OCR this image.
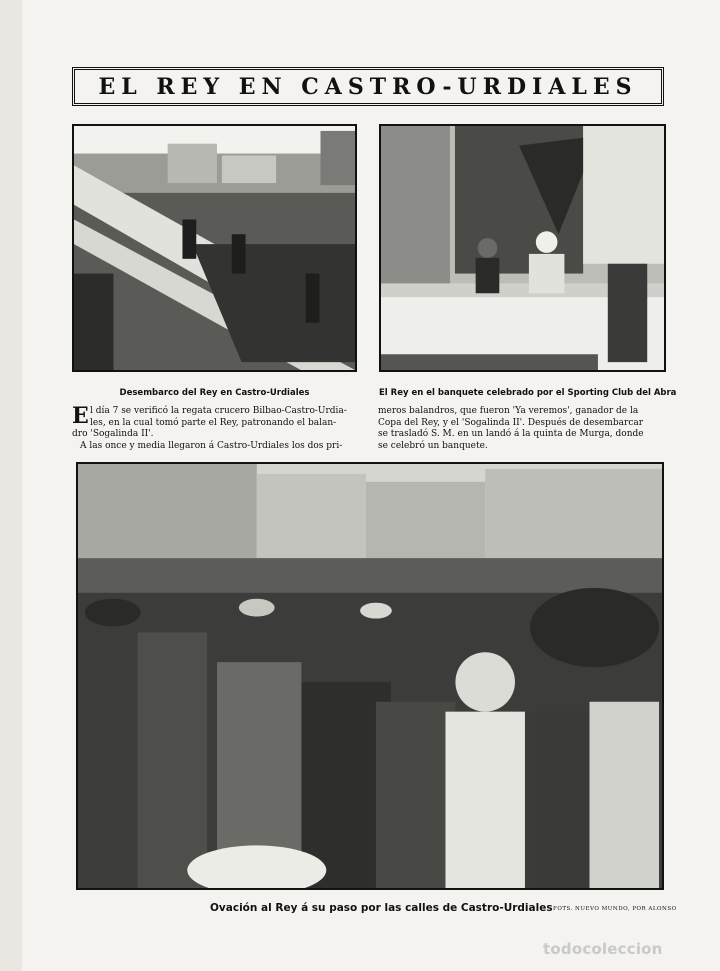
EL REY EN CASTRO-URDIALES
Desembarco del Rey en Castro-Urdiales	El Rey en el banquete celebrado por el Sporting Club del Abra
E l día 7 se verificó la regata crucero Bilbao-Castro-Urdia-
les, en la cual tomó parte el Rey, patronando el balan-
dro 'Sogalinda II'.
A las once y media llegaron á Castro-Urdiales los dos pri-
meros balandros, que fueron 'Ya veremos', ganador de la
Copa del Rey, y el 'Sogalinda II'. Después de desembarcar
se trasladó S. M. en un landó á la quinta de Murga, donde
se celebró un banquete.
Ovación al Rey á su paso por las calles de Castro-Urdiales FOTS. NUEVO MUNDO, POR ALONSO
todocoleccion
